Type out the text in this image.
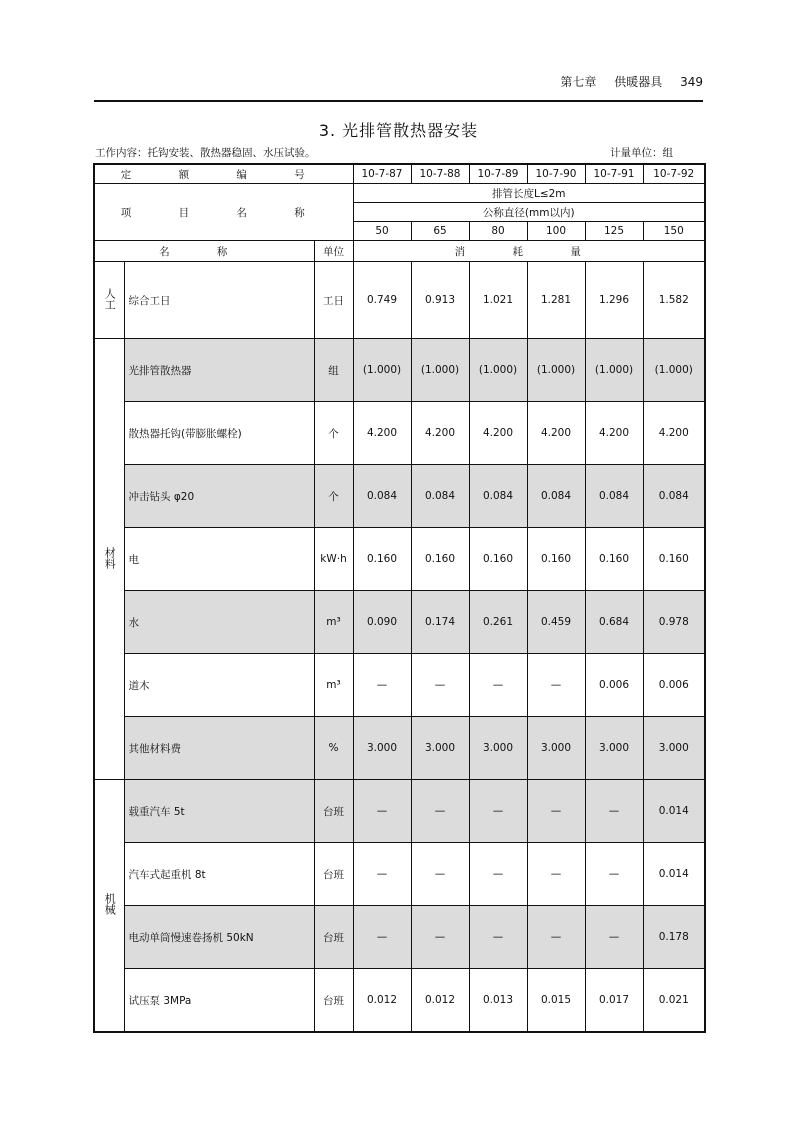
第七章 供暖器具 349
3. 光排管散热器安装
工作内容：托钩安装、散热器稳固、水压试验。	计量单位：组
定 额 编 号			10-7-87	10-7-88	10-7-89	10-7-90	10-7-91	10-7-92
项 目 名 称			排管长度L≤2m					
			公称直径(mm以内)					
			50	65	80	100	125	150
名 称		单位	消 耗 量					
人工	综合工日	工日	0.749	0.913	1.021	1.281	1.296	1.582
材料	光排管散热器	组	(1.000)	(1.000)	(1.000)	(1.000)	(1.000)	(1.000)
	散热器托钩(带膨胀螺栓)	个	4.200	4.200	4.200	4.200	4.200	4.200
	冲击钻头 φ20	个	0.084	0.084	0.084	0.084	0.084	0.084
	电	kW·h	0.160	0.160	0.160	0.160	0.160	0.160
	水	m³	0.090	0.174	0.261	0.459	0.684	0.978
	道木	m³	—	—	—	—	0.006	0.006
	其他材料费	%	3.000	3.000	3.000	3.000	3.000	3.000
机械	载重汽车 5t	台班	—	—	—	—	—	0.014
	汽车式起重机 8t	台班	—	—	—	—	—	0.014
	电动单筒慢速卷扬机 50kN	台班	—	—	—	—	—	0.178
	试压泵 3MPa	台班	0.012	0.012	0.013	0.015	0.017	0.021
